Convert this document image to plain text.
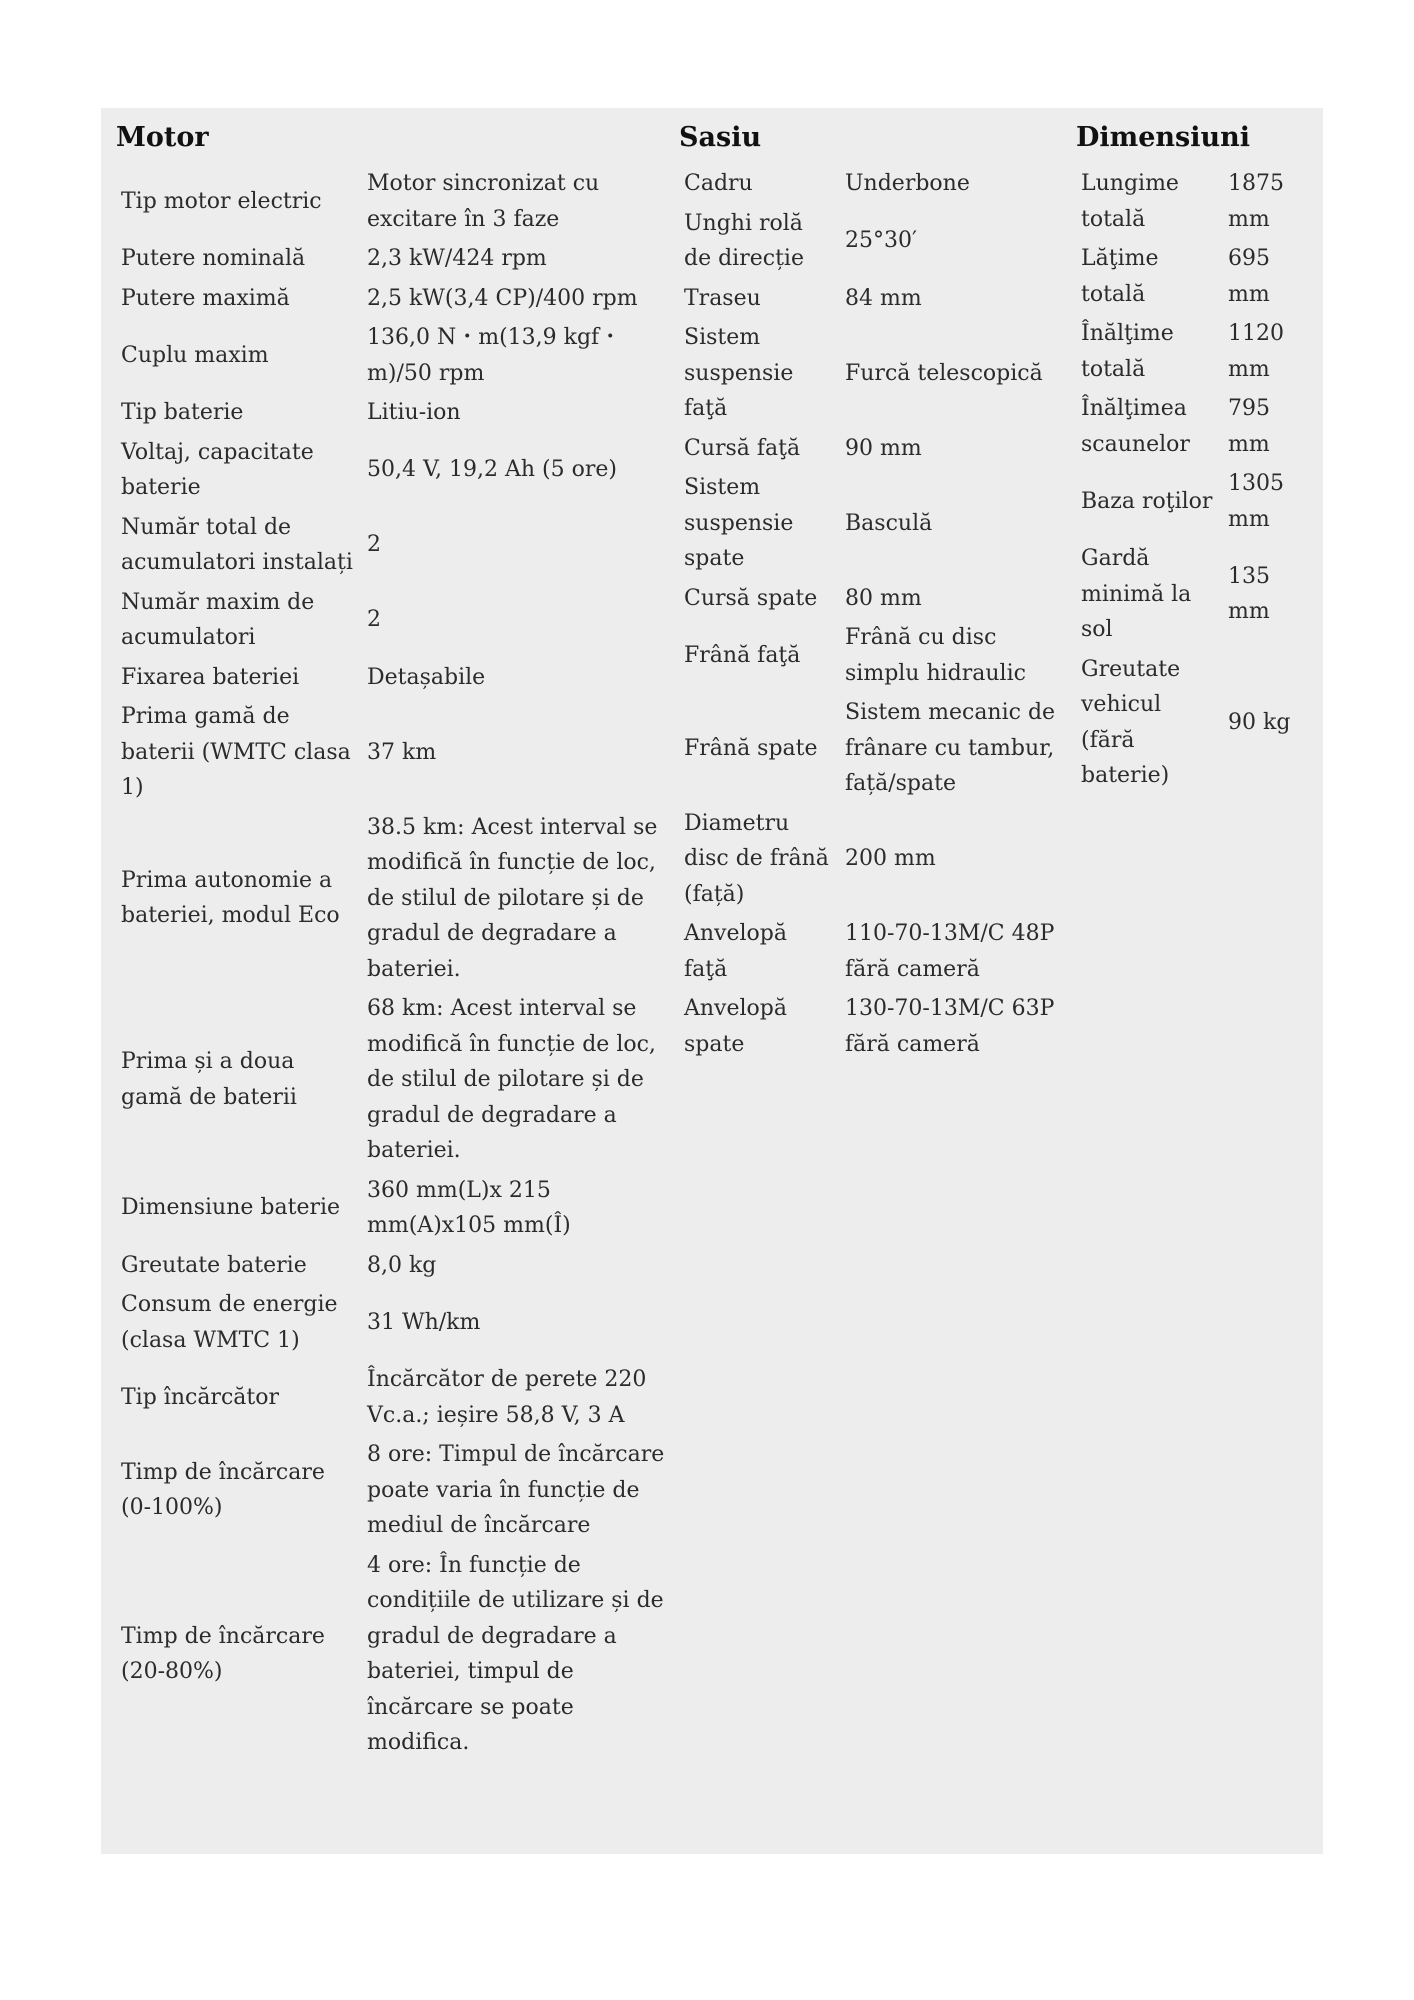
Motor
Tip motor electric	Motor sincronizat cu excitare în 3 faze
Putere nominală	2,3 kW/424 rpm
Putere maximă	2,5 kW(3,4 CP)/400 rpm
Cuplu maxim	136,0 N・m(13,9 kgf・m)/50 rpm
Tip baterie	Litiu-ion
Voltaj, capacitate baterie	50,4 V, 19,2 Ah (5 ore)
Număr total de acumulatori instalați	2
Număr maxim de acumulatori	2
Fixarea bateriei	Detașabile
Prima gamă de baterii (WMTC clasa 1)	37 km
Prima autonomie a bateriei, modul Eco	38.5 km: Acest interval se modifică în funcție de loc, de stilul de pilotare și de gradul de degradare a bateriei.
Prima și a doua gamă de baterii	68 km: Acest interval se modifică în funcție de loc, de stilul de pilotare și de gradul de degradare a bateriei.
Dimensiune baterie	360 mm(L)x 215 mm(A)x105 mm(Î)
Greutate baterie	8,0 kg
Consum de energie (clasa WMTC 1)	31 Wh/km
Tip încărcător	Încărcător de perete 220 Vc.a.; ieșire 58,8 V, 3 A
Timp de încărcare (0-100%)	8 ore: Timpul de încărcare poate varia în funcție de mediul de încărcare
Timp de încărcare (20-80%)	4 ore: În funcție de condițiile de utilizare și de gradul de degradare a bateriei, timpul de încărcare se poate modifica.
Sasiu
Cadru	Underbone
Unghi rolă de direcție	25°30′
Traseu	84 mm
Sistem suspensie faţă	Furcă telescopică
Cursă faţă	90 mm
Sistem suspensie spate	Basculă
Cursă spate	80 mm
Frână faţă	Frână cu disc simplu hidraulic
Frână spate	Sistem mecanic de frânare cu tambur, față/spate
Diametru disc de frână (față)	200 mm
Anvelopă faţă	110-70-13M/C 48P fără cameră
Anvelopă spate	130-70-13M/C 63P fără cameră
Dimensiuni
Lungime totală	1875 mm
Lăţime totală	695 mm
Înălţime totală	1120 mm
Înălţimea scaunelor	795 mm
Baza roţilor	1305 mm
Gardă minimă la sol	135 mm
Greutate vehicul (fără baterie)	90 kg
